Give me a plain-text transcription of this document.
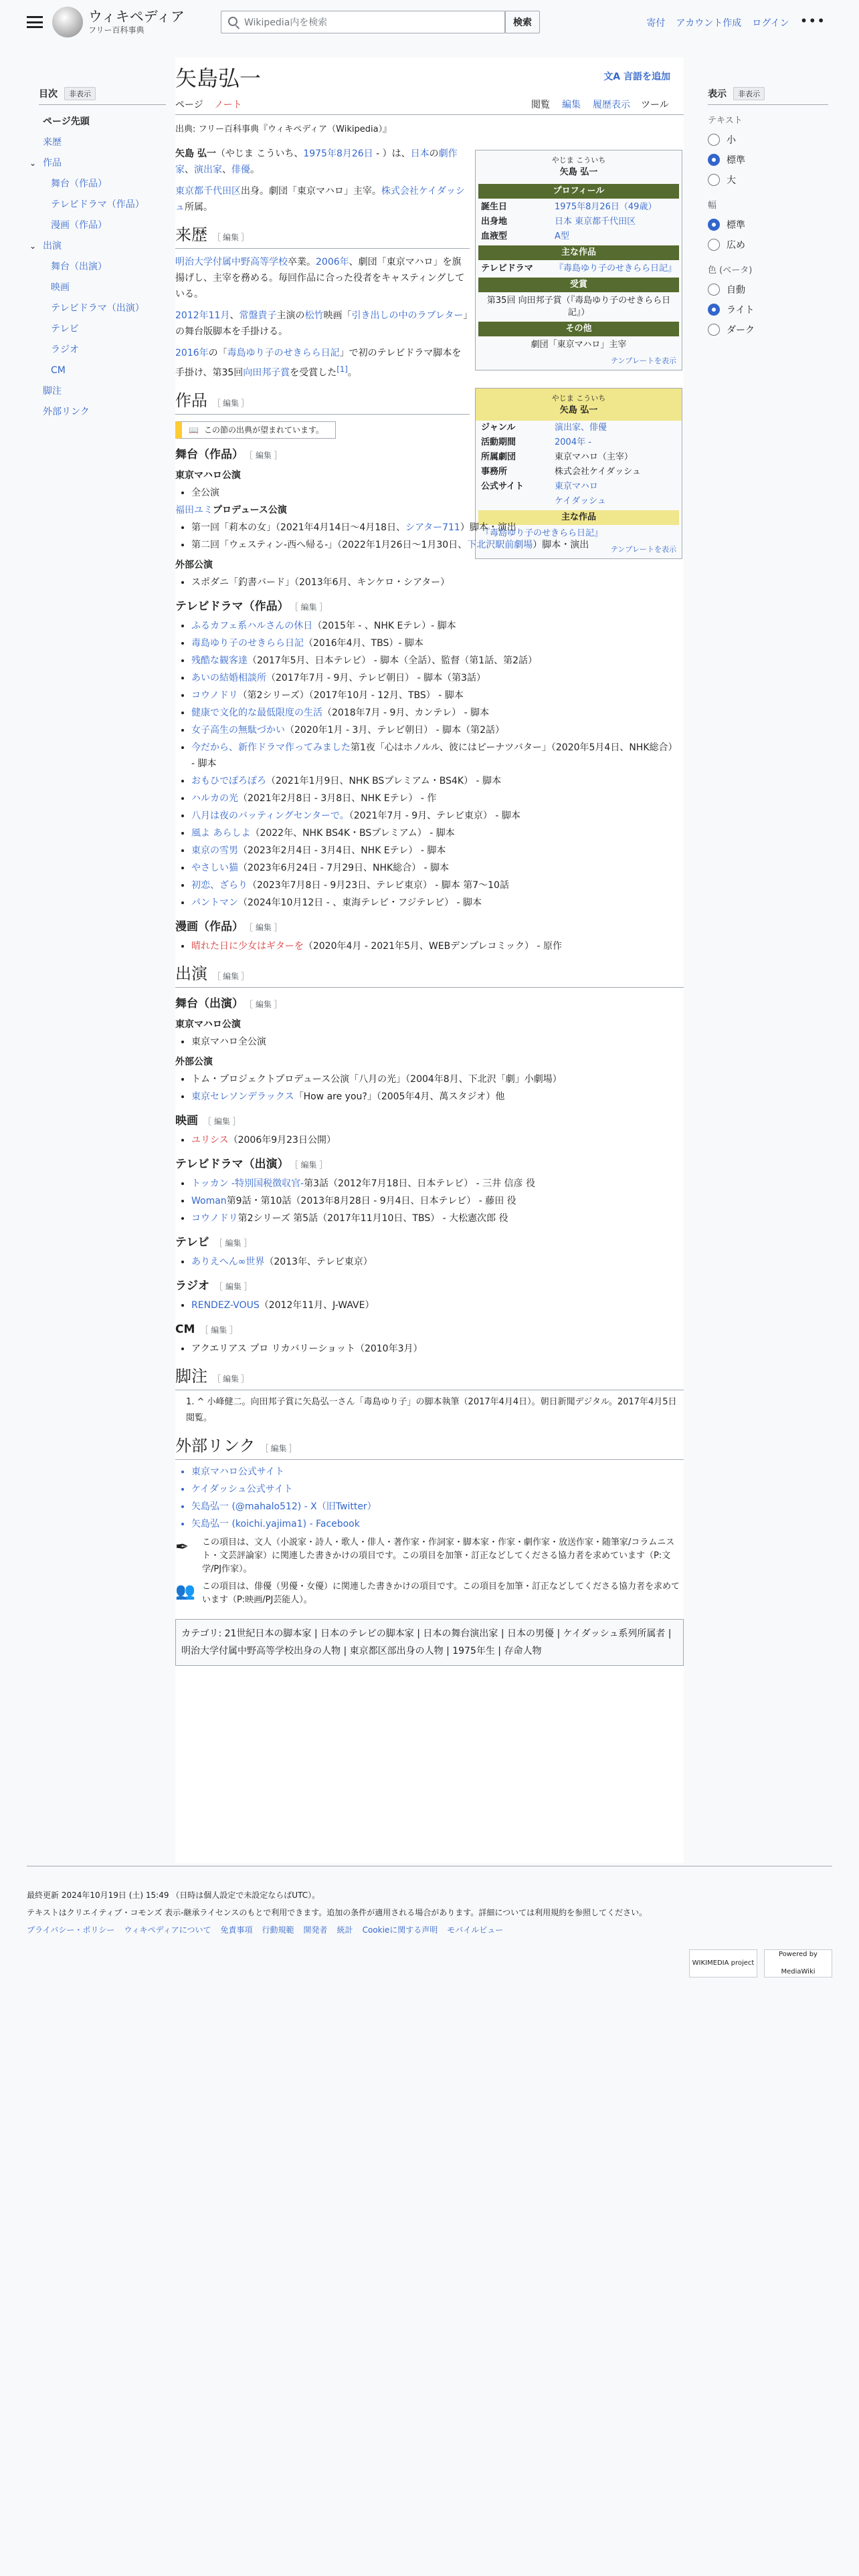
ウィキペディア
フリー百科事典
Wikipedia内を検索	検索	寄付 アカウント作成 ログイン •••
目次	非表示
ページ先頭
来歴
⌄ 作品
舞台（作品）
テレビドラマ（作品）
漫画（作品）
⌄ 出演
舞台（出演）
映画
テレビドラマ（出演）
テレビ
ラジオ
CM
脚注
外部リンク
矢島弘一	文A 言語を追加
ページ ノート	閲覧 編集 履歴表示 ツール
出典: フリー百科事典『ウィキペディア（Wikipedia）』
やじま こういち
矢島 弘一
プロフィール
誕生日	1975年8月26日（49歳）
出身地	日本 東京都千代田区
血液型	A型
主な作品
テレビドラマ	『毒島ゆり子のせきらら日記』
受賞
第35回 向田邦子賞（『毒島ゆり子のせきらら日記』）
その他
劇団「東京マハロ」主宰
テンプレートを表示
やじま こういち
矢島 弘一
ジャンル	演出家、俳優
活動期間	2004年 -
所属劇団	東京マハロ（主宰）
事務所	株式会社ケイダッシュ
公式サイト	東京マハロ
ケイダッシュ
主な作品
『毒島ゆり子のせきらら日記』
テンプレートを表示

矢島 弘一（やじま こういち、1975年8月26日 - ）は、日本の劇作家、演出家、俳優。

東京都千代田区出身。劇団「東京マハロ」主宰。株式会社ケイダッシュ所属。

来歴 ［ 編集 ］

明治大学付属中野高等学校卒業。2006年、劇団「東京マハロ」を旗揚げし、主宰を務める。毎回作品に合った役者をキャスティングしている。

2012年11月、常盤貴子主演の松竹映画「引き出しの中のラブレター」の舞台版脚本を手掛ける。

2016年の「毒島ゆり子のせきらら日記」で初のテレビドラマ脚本を手掛け、第35回向田邦子賞を受賞した[1]。

作品 ［ 編集 ］
📖 この節の出典が望まれています。
舞台（作品） ［ 編集 ］
東京マハロ公演
• 全公演
福田ユミプロデュース公演
• 第一回「莉本の女」（2021年4月14日〜4月18日、シアター711）脚本・演出
• 第二回「ウェスティン-西へ帰る-」（2022年1月26日〜1月30日、下北沢駅前劇場）脚本・演出
外部公演
• スポダニ「釣書バード」（2013年6月、キンケロ・シアター）
テレビドラマ（作品） ［ 編集 ］
• ふるカフェ系ハルさんの休日（2015年 - 、NHK Eテレ）- 脚本
• 毒島ゆり子のせきらら日記（2016年4月、TBS）- 脚本
• 残酷な観客達（2017年5月、日本テレビ） - 脚本（全話）、監督（第1話、第2話）
• あいの結婚相談所（2017年7月 - 9月、テレビ朝日） - 脚本（第3話）
• コウノドリ（第2シリーズ）（2017年10月 - 12月、TBS） - 脚本
• 健康で文化的な最低限度の生活（2018年7月 - 9月、カンテレ） - 脚本
• 女子高生の無駄づかい（2020年1月 - 3月、テレビ朝日） - 脚本（第2話）
• 今だから、新作ドラマ作ってみました第1夜「心はホノルル、彼にはピーナツバター」（2020年5月4日、NHK総合） - 脚本
• おもひでぽろぽろ（2021年1月9日、NHK BSプレミアム・BS4K） - 脚本
• ハルカの光（2021年2月8日 - 3月8日、NHK Eテレ） - 作
• 八月は夜のバッティングセンターで。（2021年7月 - 9月、テレビ東京） - 脚本
• 風よ あらしよ（2022年、NHK BS4K・BSプレミアム） - 脚本
• 東京の雪男（2023年2月4日 - 3月4日、NHK Eテレ） - 脚本
• やさしい猫（2023年6月24日 - 7月29日、NHK総合） - 脚本
• 初恋、ざらり（2023年7月8日 - 9月23日、テレビ東京） - 脚本 第7〜10話
• パントマン（2024年10月12日 - 、東海テレビ・フジテレビ） - 脚本
漫画（作品） ［ 編集 ］
• 晴れた日に少女はギターを（2020年4月 - 2021年5月、WEBデンプレコミック） - 原作
出演 ［ 編集 ］
舞台（出演） ［ 編集 ］
東京マハロ公演
• 東京マハロ全公演
外部公演
• トム・プロジェクトプロデュース公演「八月の光」（2004年8月、下北沢「劇」小劇場）
• 東京セレソンデラックス「How are you?」（2005年4月、萬スタジオ）他
映画 ［ 編集 ］
• ユリシス（2006年9月23日公開）
テレビドラマ（出演） ［ 編集 ］
• トッカン -特別国税徴収官-第3話（2012年7月18日、日本テレビ） - 三井 信彦 役
• Woman第9話・第10話（2013年8月28日 - 9月4日、日本テレビ） - 藤田 役
• コウノドリ第2シリーズ 第5話（2017年11月10日、TBS） - 大松憲次郎 役
テレビ ［ 編集 ］
• ありえへん∞世界（2013年、テレビ東京）
ラジオ ［ 編集 ］
• RENDEZ-VOUS（2012年11月、J-WAVE）
CM ［ 編集 ］
• アクエリアス プロ リカバリーショット（2010年3月）
脚注 ［ 編集 ］
1. ^ 小峰健二。向田邦子賞に矢島弘一さん「毒島ゆり子」の脚本執筆（2017年4月4日）。朝日新聞デジタル。2017年4月5日閲覧。
外部リンク ［ 編集 ］
• 東京マハロ公式サイト
• ケイダッシュ公式サイト
• 矢島弘一 (@mahalo512) - X（旧Twitter）
• 矢島弘一 (koichi.yajima1) - Facebook
✒	この項目は、文人（小説家・詩人・歌人・俳人・著作家・作詞家・脚本家・作家・劇作家・放送作家・随筆家/コラムニスト・文芸評論家）に関連した書きかけの項目です。この項目を加筆・訂正などしてくださる協力者を求めています（P:文学/PJ作家）。
👥 この項目は、俳優（男優・女優）に関連した書きかけの項目です。この項目を加筆・訂正などしてくださる協力者を求めています（P:映画/PJ芸能人）。
カテゴリ: 21世紀日本の脚本家 | 日本のテレビの脚本家 | 日本の舞台演出家 | 日本の男優 | ケイダッシュ系列所属者 | 明治大学付属中野高等学校出身の人物 | 東京都区部出身の人物 | 1975年生 | 存命人物
表示	非表示
テキスト
小
標準
大
幅
標準
広め
色 (ベータ)
自動
ライト
ダーク
最終更新 2024年10月19日 (土) 15:49 （日時は個人設定で未設定ならばUTC）。
テキストはクリエイティブ・コモンズ 表示-継承ライセンスのもとで利用できます。追加の条件が適用される場合があります。詳細については利用規約を参照してください。
プライバシー・ポリシー ウィキペディアについて 免責事項 行動規範 開発者 統計 Cookieに関する声明 モバイルビュー
WIKIMEDIA project
Powered by MediaWiki
